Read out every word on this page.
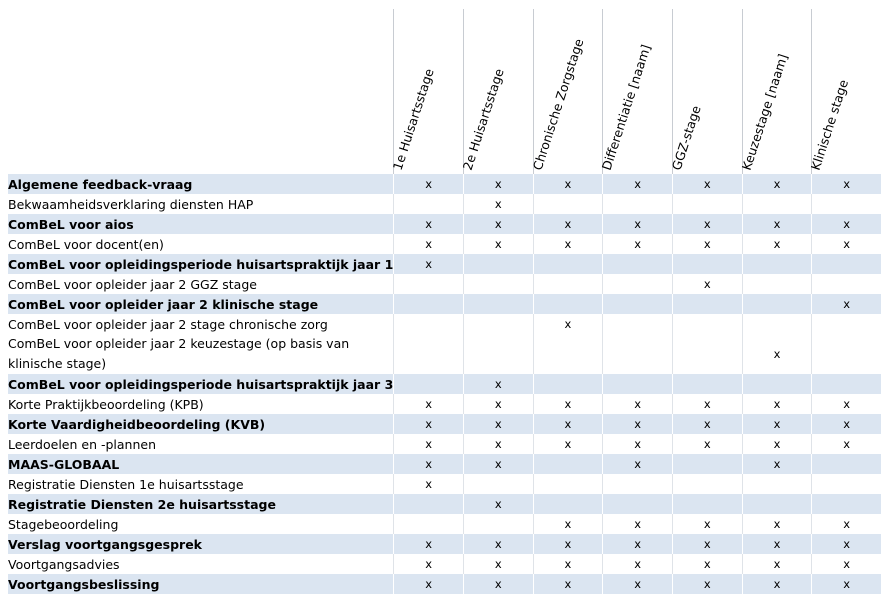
	1e Huisartsstage	2e Huisartsstage	Chronische Zorgstage	Differentiatie [naam]	GGZ-stage	Keuzestage [naam]	Klinische stage

Algemene feedback-vraag	x	x	x	x	x	x	x
Bekwaamheidsverklaring diensten HAP		x					
ComBeL voor aios	x	x	x	x	x	x	x
ComBeL voor docent(en)	x	x	x	x	x	x	x
ComBeL voor opleidingsperiode huisartspraktijk jaar 1	x						
ComBeL voor opleider jaar 2 GGZ stage					x		
ComBeL voor opleider jaar 2 klinische stage							x
ComBeL voor opleider jaar 2 stage chronische zorg			x				
ComBeL voor opleider jaar 2 keuzestage (op basis van klinische stage)						x	
ComBeL voor opleidingsperiode huisartspraktijk jaar 3		x					
Korte Praktijkbeoordeling (KPB)	x	x	x	x	x	x	x
Korte Vaardigheidbeoordeling (KVB)	x	x	x	x	x	x	x
Leerdoelen en -plannen	x	x	x	x	x	x	x
MAAS-GLOBAAL	x	x		x		x	
Registratie Diensten 1e huisartsstage	x						
Registratie Diensten 2e huisartsstage		x					
Stagebeoordeling			x	x	x	x	x
Verslag voortgangsgesprek	x	x	x	x	x	x	x
Voortgangsadvies	x	x	x	x	x	x	x
Voortgangsbeslissing	x	x	x	x	x	x	x
